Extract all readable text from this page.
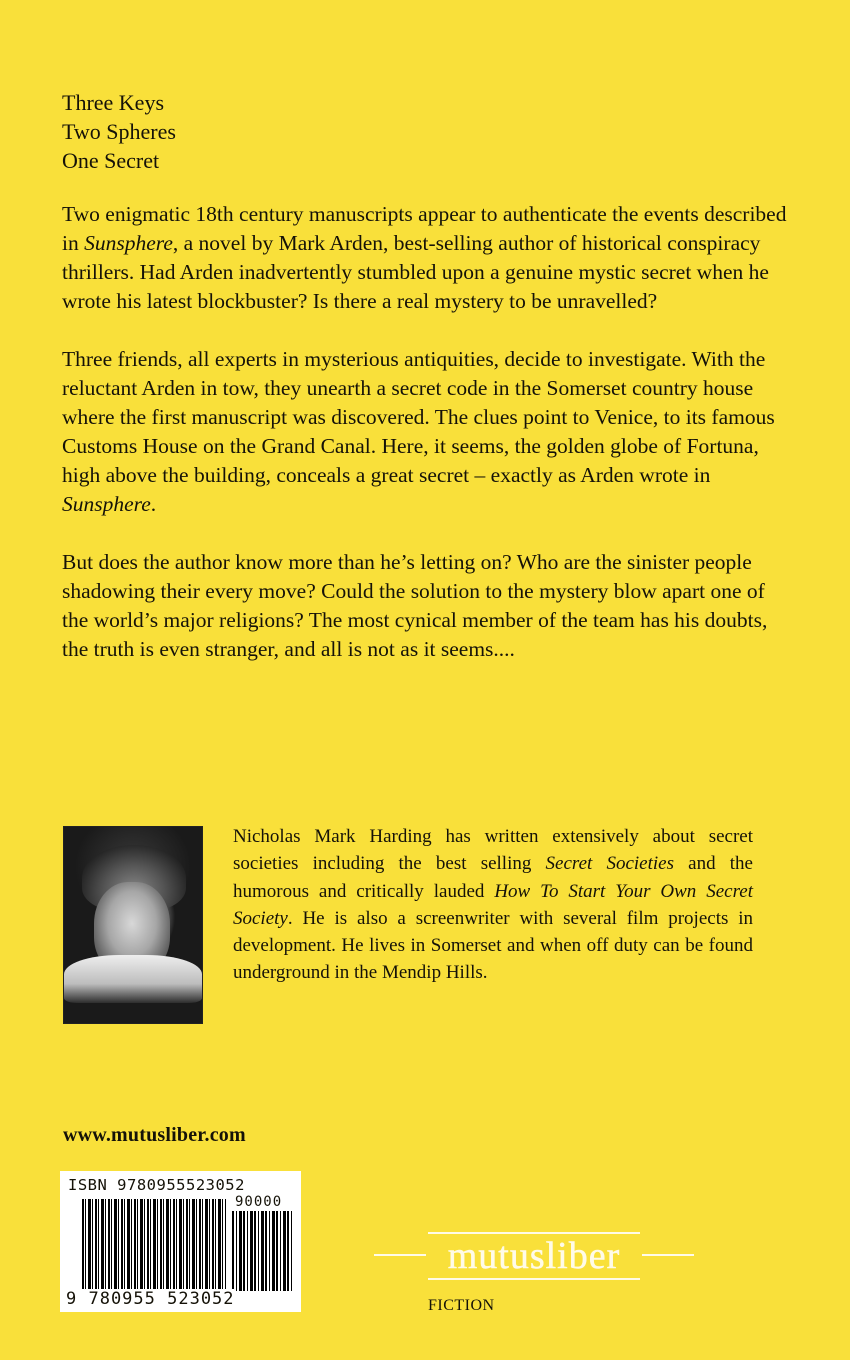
Three Keys
Two Spheres
One Secret

Two enigmatic 18th century manuscripts appear to authenticate the events described in Sunsphere, a novel by Mark Arden, best-selling author of historical conspiracy thrillers. Had Arden inadvertently stumbled upon a genuine mystic secret when he wrote his latest blockbuster? Is there a real mystery to be unravelled?

Three friends, all experts in mysterious antiquities, decide to investigate. With the reluctant Arden in tow, they unearth a secret code in the Somerset country house where the first manuscript was discovered. The clues point to Venice, to its famous Customs House on the Grand Canal. Here, it seems, the golden globe of Fortuna, high above the building, conceals a great secret – exactly as Arden wrote in Sunsphere.

But does the author know more than he’s letting on? Who are the sinister people shadowing their every move? Could the solution to the mystery blow apart one of the world’s major religions? The most cynical member of the team has his doubts, the truth is even stranger, and all is not as it seems....

Nicholas Mark Harding has written extensively about secret societies including the best selling Secret Societies and the humorous and critically lauded How To Start Your Own Secret Society. He is also a screenwriter with several film projects in development. He lives in Somerset and when off duty can be found underground in the Mendip Hills.
www.mutusliber.com
ISBN 9780955523052
90000
9 780955 523052
mutusliber
FICTION
